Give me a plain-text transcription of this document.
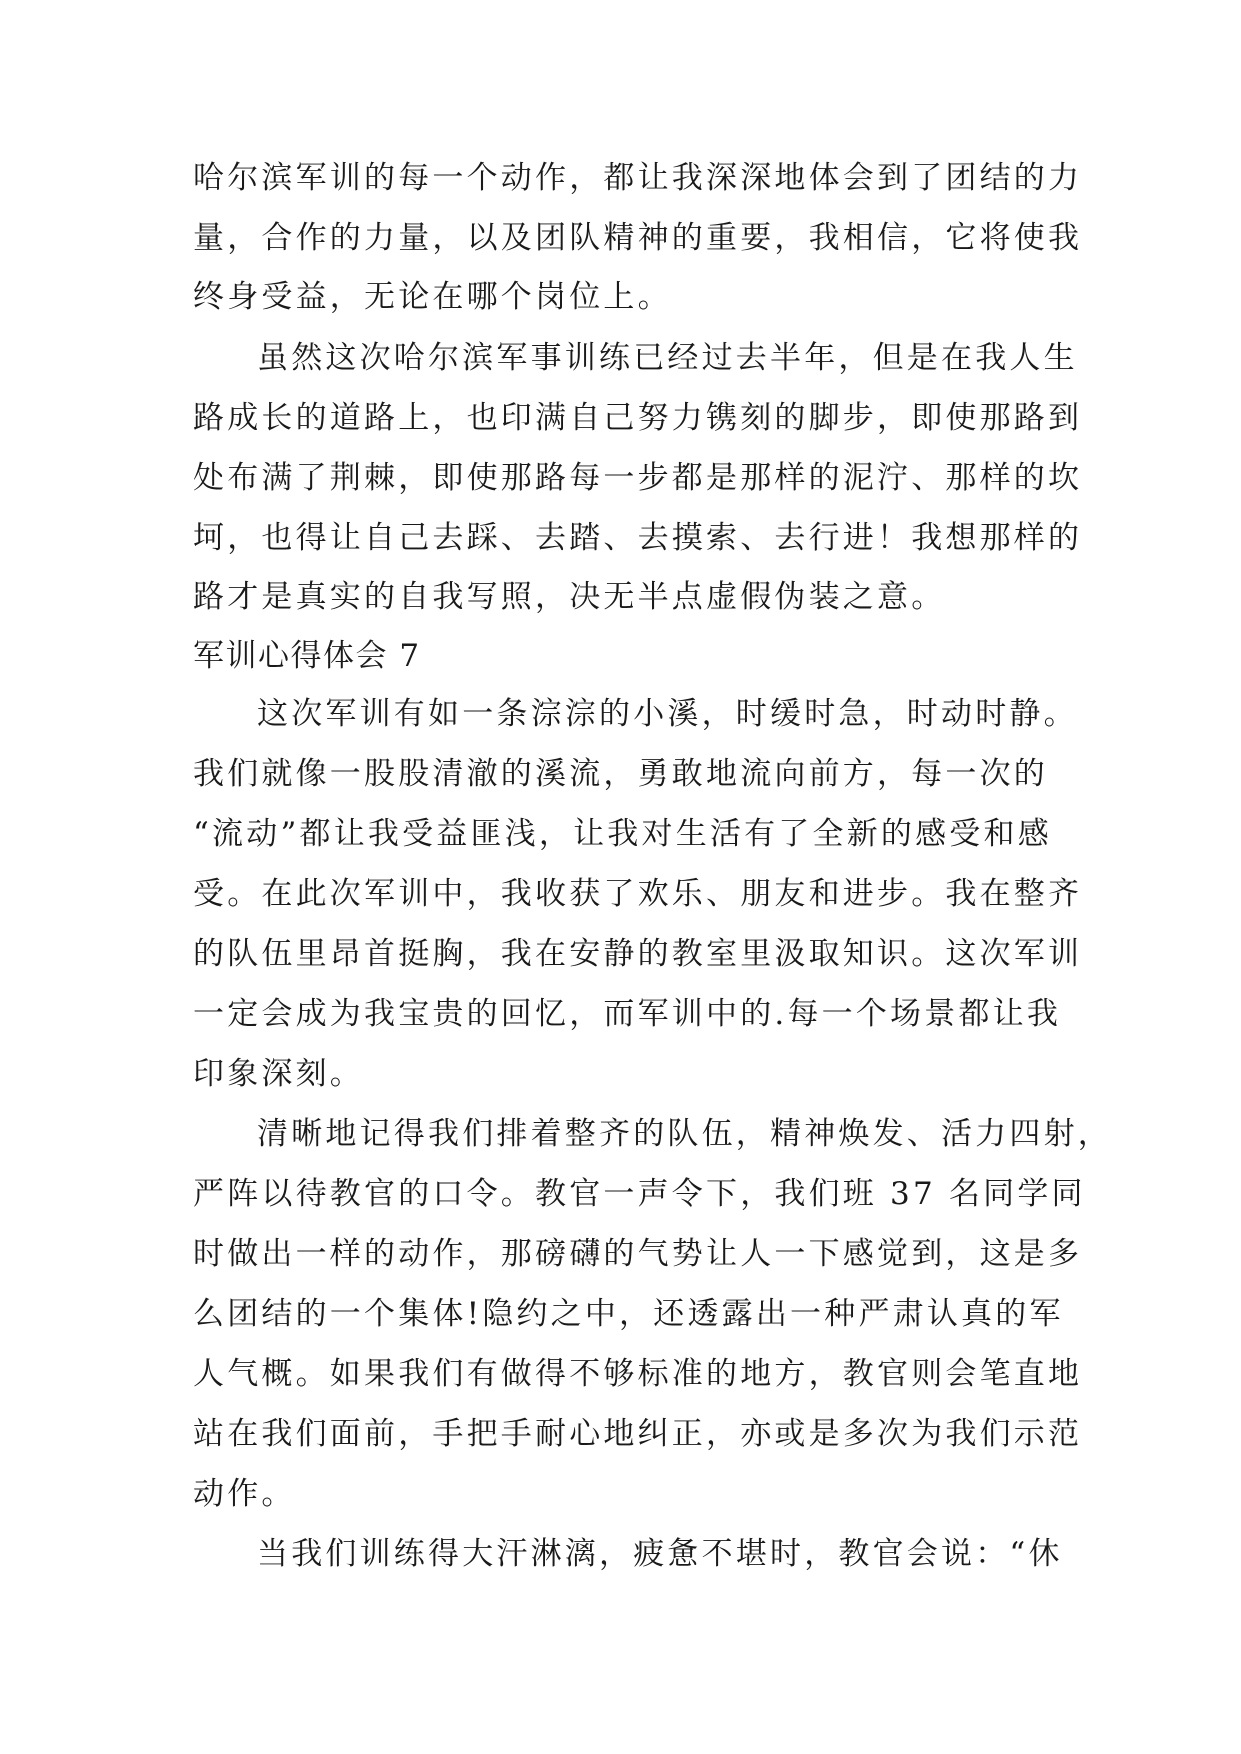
哈尔滨军训的每一个动作，都让我深深地体会到了团结的力
量，合作的力量，以及团队精神的重要，我相信，它将使我
终身受益，无论在哪个岗位上。
虽然这次哈尔滨军事训练已经过去半年，但是在我人生
路成长的道路上，也印满自己努力镌刻的脚步，即使那路到
处布满了荆棘，即使那路每一步都是那样的泥泞、那样的坎
坷，也得让自己去踩、去踏、去摸索、去行进！我想那样的
路才是真实的自我写照，决无半点虚假伪装之意。
军训心得体会 7
这次军训有如一条淙淙的小溪，时缓时急，时动时静。
我们就像一股股清澈的溪流，勇敢地流向前方，每一次的
“流动”都让我受益匪浅，让我对生活有了全新的感受和感
受。在此次军训中，我收获了欢乐、朋友和进步。我在整齐
的队伍里昂首挺胸，我在安静的教室里汲取知识。这次军训
一定会成为我宝贵的回忆，而军训中的.每一个场景都让我
印象深刻。
清晰地记得我们排着整齐的队伍，精神焕发、活力四射，
严阵以待教官的口令。教官一声令下，我们班 37 名同学同
时做出一样的动作，那磅礴的气势让人一下感觉到，这是多
么团结的一个集体!隐约之中，还透露出一种严肃认真的军
人气概。如果我们有做得不够标准的地方，教官则会笔直地
站在我们面前，手把手耐心地纠正，亦或是多次为我们示范
动作。
当我们训练得大汗淋漓，疲惫不堪时，教官会说：“休
